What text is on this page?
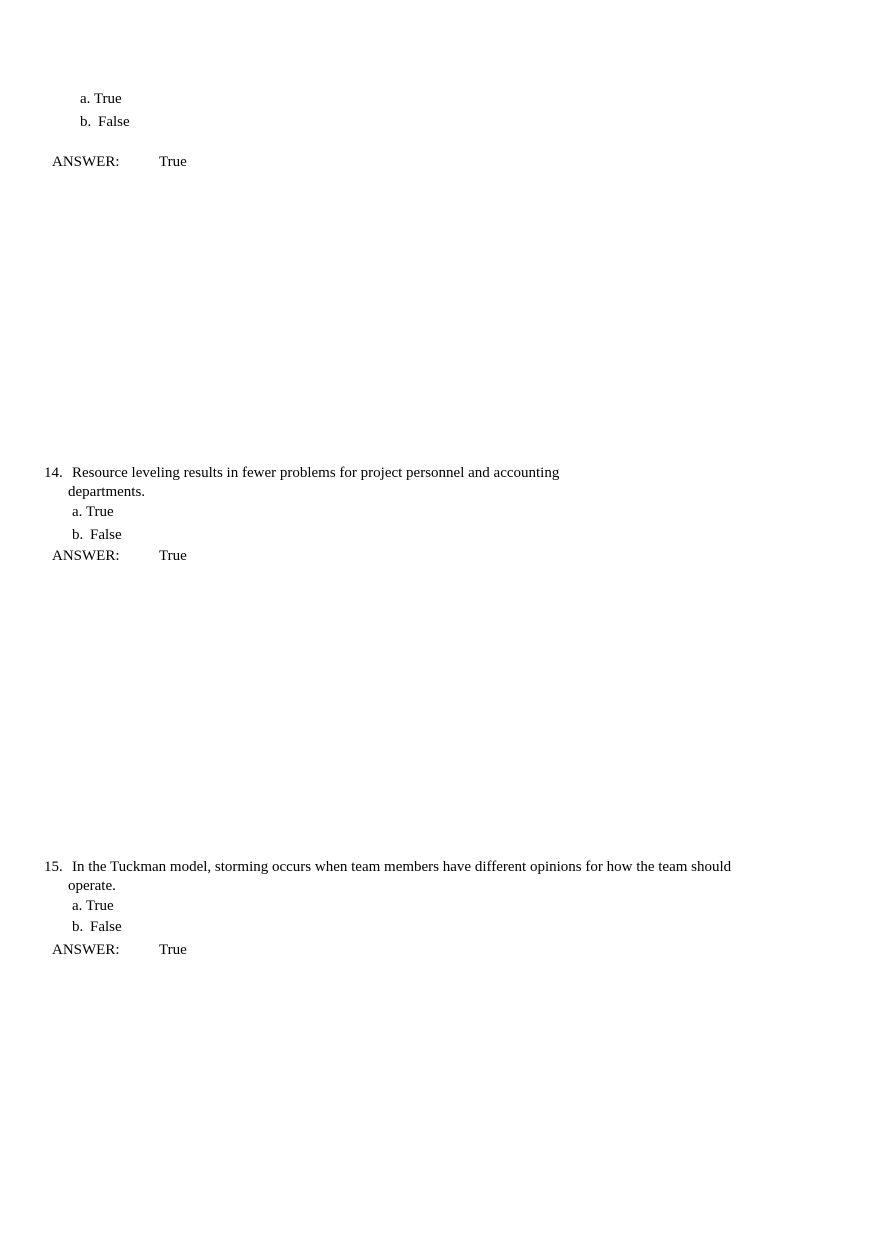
a. True
b. False
ANSWER:	True
14. Resource leveling results in fewer problems for project personnel and accounting
departments.
a. True
b. False
ANSWER:	True
15. In the Tuckman model, storming occurs when team members have different opinions for how the team should
operate.
a. True
b. False
ANSWER:	True
